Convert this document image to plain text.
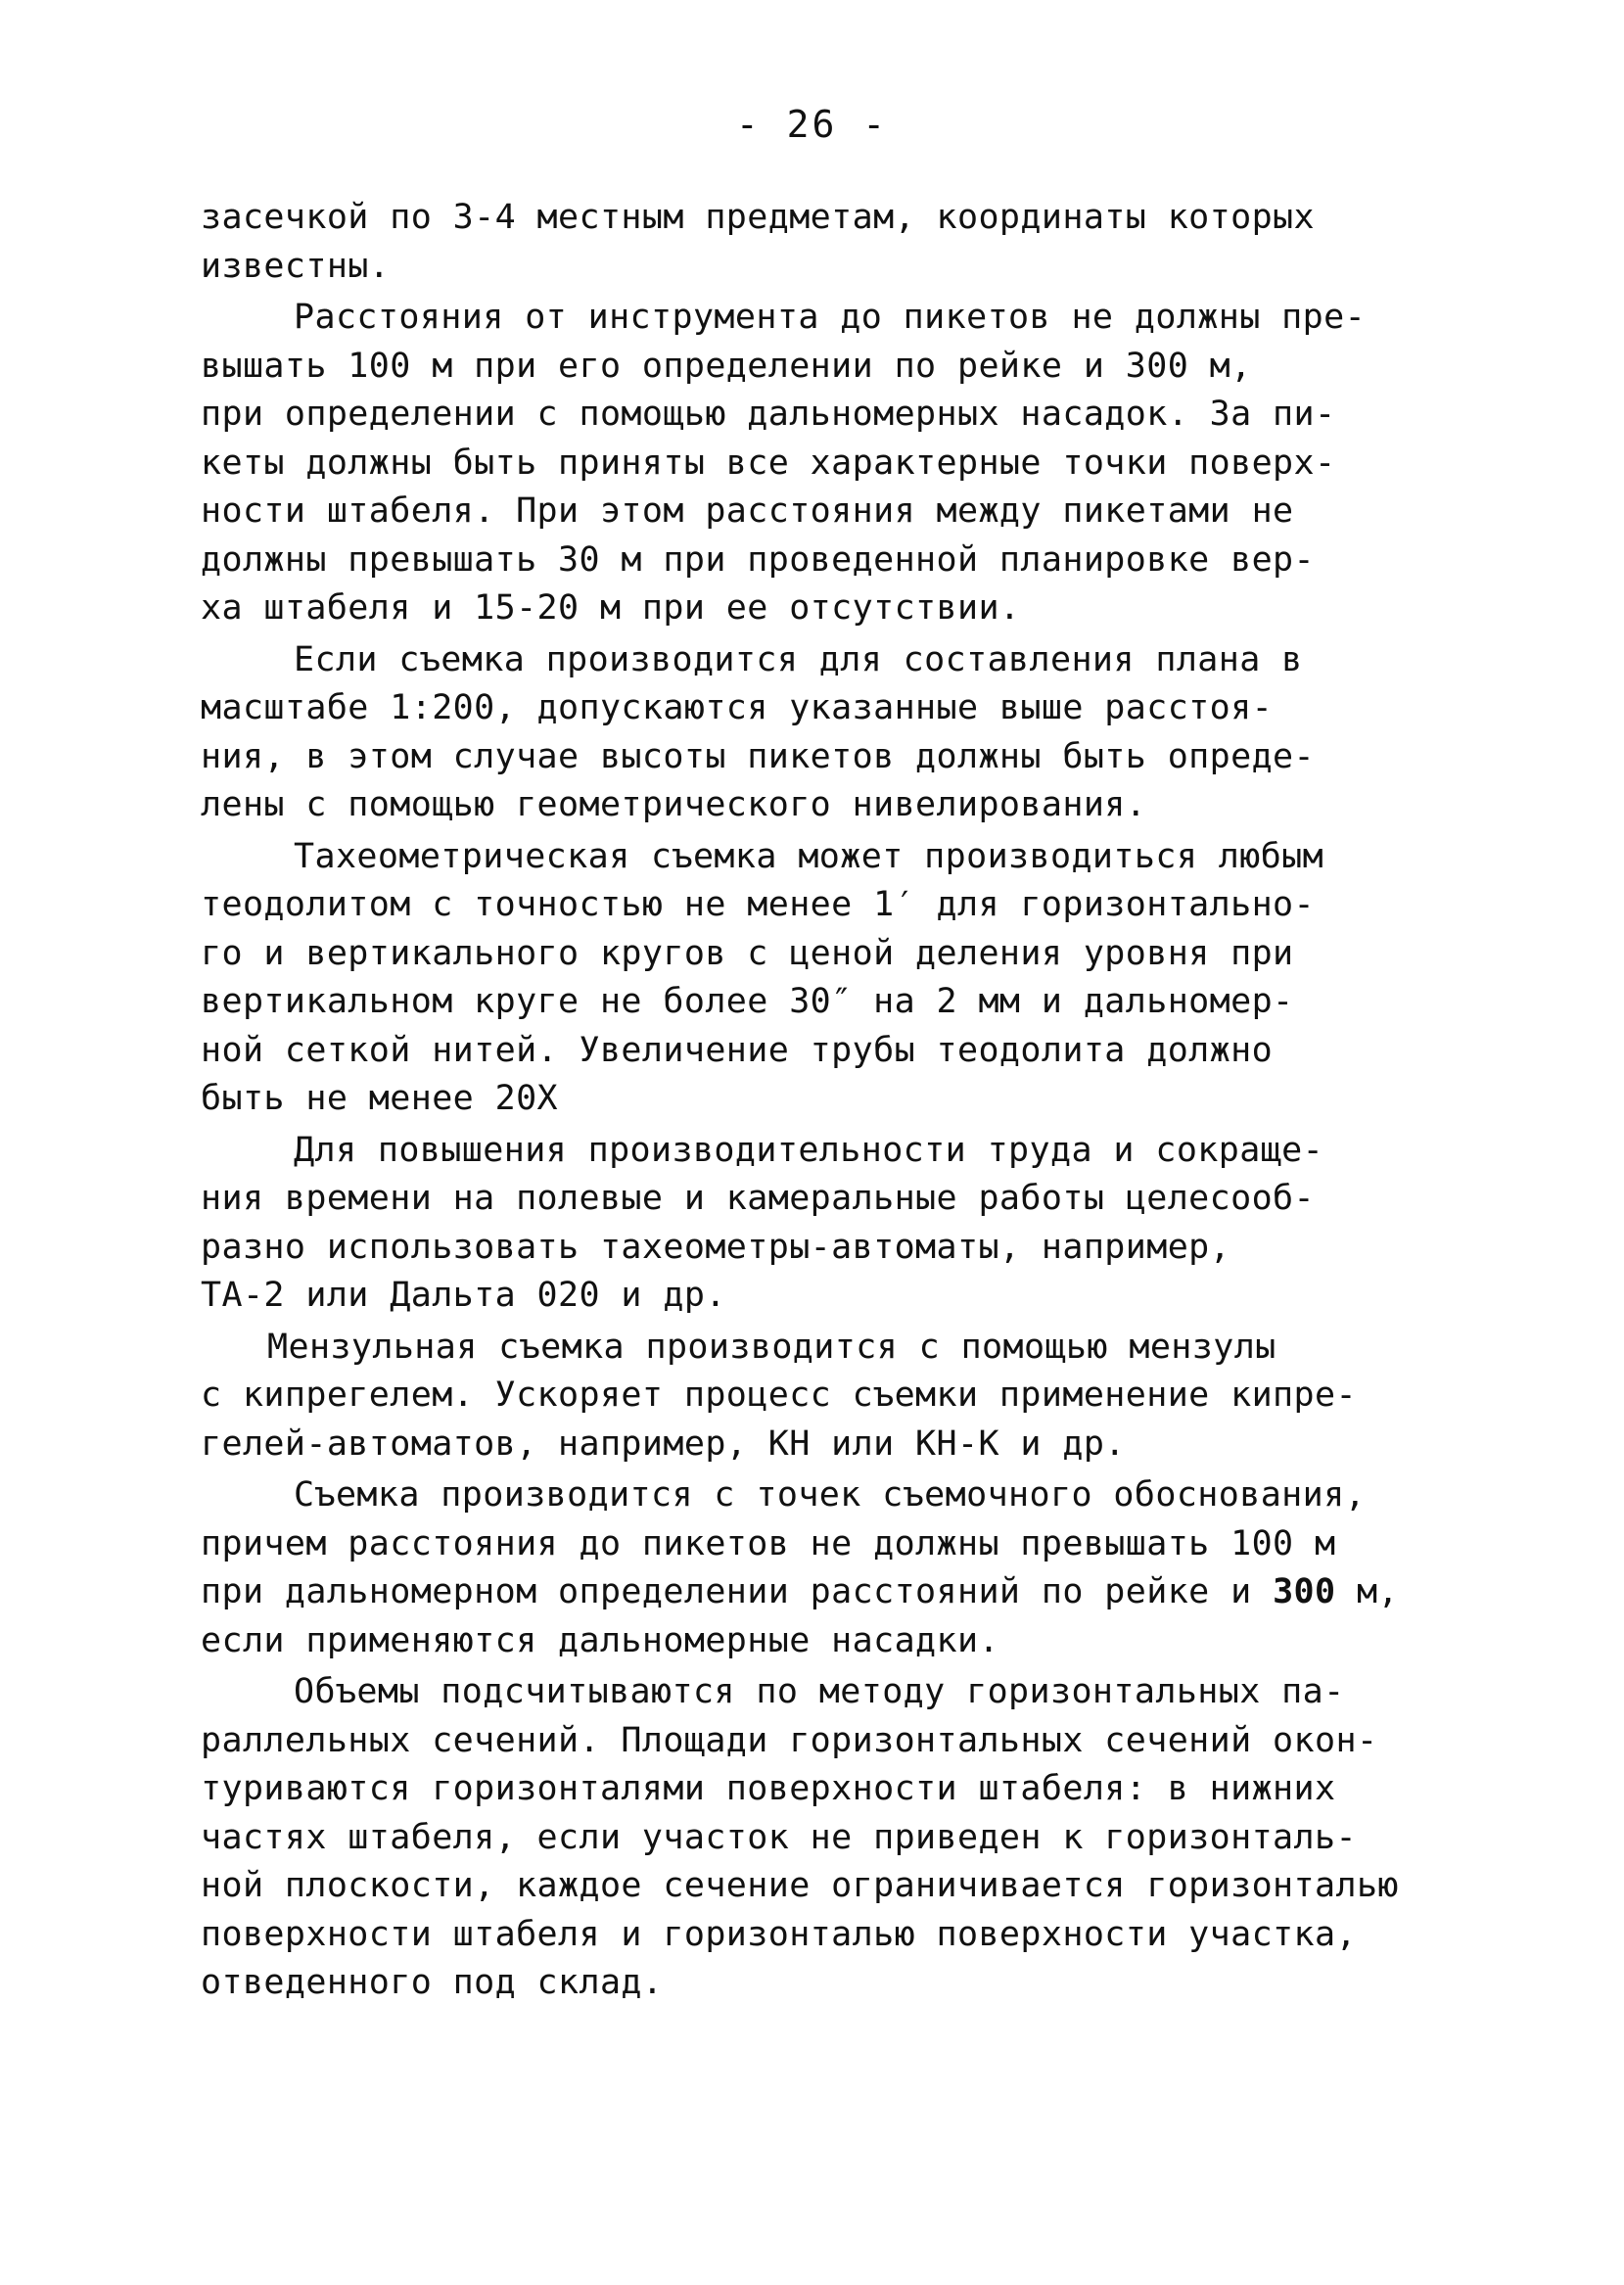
- 26 -
засечкой по 3-4 местным предметам, координаты которых
известны.
Расстояния от инструмента до пикетов не должны пре-
вышать 100 м при его определении по рейке и 300 м,
при определении с помощью дальномерных насадок. За пи-
кеты должны быть приняты все характерные точки поверх-
ности штабеля. При этом расстояния между пикетами не
должны превышать 30 м при проведенной планировке вер-
ха штабеля и 15-20 м при ее отсутствии.
Если съемка производится для составления плана в
масштабе 1:200, допускаются указанные выше расстоя-
ния, в этом случае высоты пикетов должны быть опреде-
лены с помощью геометрического нивелирования.
Тахеометрическая съемка может производиться любым
теодолитом с точностью не менее 1′ для горизонтально-
го и вертикального кругов с ценой деления уровня при
вертикальном круге не более 30″ на 2 мм и дальномер-
ной сеткой нитей. Увеличение трубы теодолита должно
быть не менее 20Х
Для повышения производительности труда и сокраще-
ния времени на полевые и камеральные работы целесооб-
разно использовать тахеометры-автоматы, например,
ТА-2 или Дальта 020 и др.
Мензульная съемка производится с помощью мензулы
с кипрегелем. Ускоряет процесс съемки применение кипре-
гелей-автоматов, например, КН или КН-К и др.
Съемка производится с точек съемочного обоснования,
причем расстояния до пикетов не должны превышать 100 м
при дальномерном определении расстояний по рейке и 300 м,
если применяются дальномерные насадки.
Объемы подсчитываются по методу горизонтальных па-
раллельных сечений. Площади горизонтальных сечений окон-
туриваются горизонталями поверхности штабеля: в нижних
частях штабеля, если участок не приведен к горизонталь-
ной плоскости, каждое сечение ограничивается горизонталью
поверхности штабеля и горизонталью поверхности участка,
отведенного под склад.
